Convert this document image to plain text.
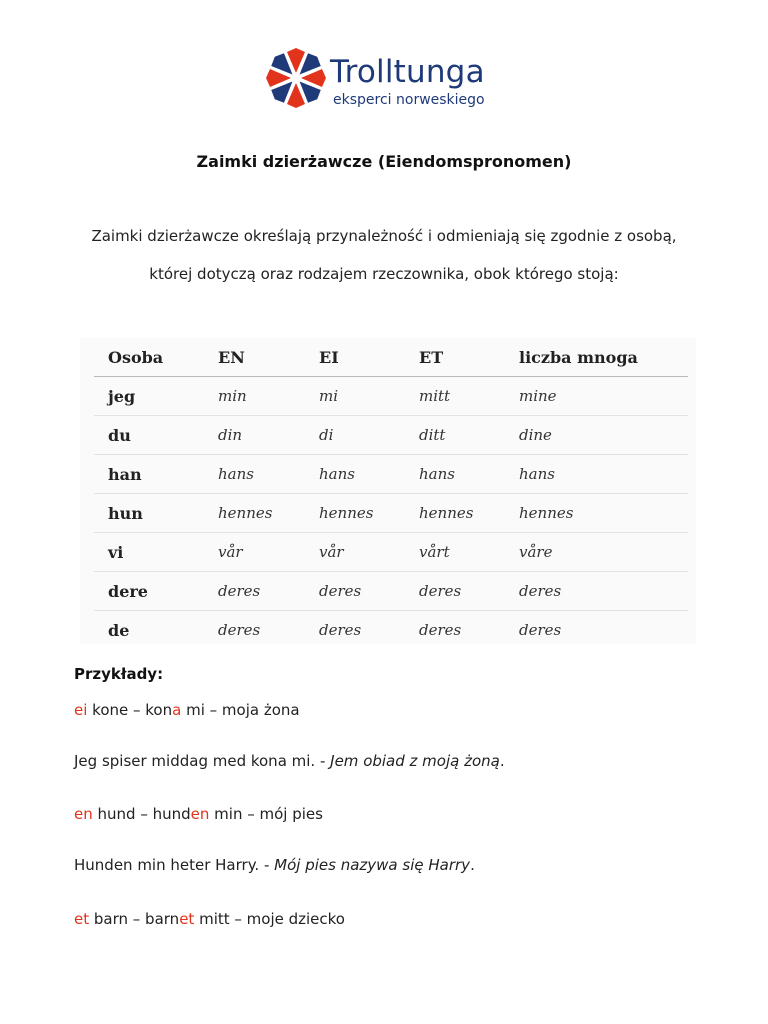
Trolltunga
eksperci norweskiego
Zaimki dzierżawcze (Eiendomspronomen)
Zaimki dzierżawcze określają przynależność i odmieniają się zgodnie z osobą,
której dotyczą oraz rodzajem rzeczownika, obok którego stoją:
Osoba	EN	EI	ET	liczba mnoga
jeg	min	mi	mitt	mine
du	din	di	ditt	dine
han	hans	hans	hans	hans
hun	hennes	hennes	hennes	hennes
vi	vår	vår	vårt	våre
dere	deres	deres	deres	deres
de	deres	deres	deres	deres
Przykłady:
ei kone – kona mi – moja żona
Jeg spiser middag med kona mi. - Jem obiad z moją żoną.
en hund – hunden min – mój pies
Hunden min heter Harry. - Mój pies nazywa się Harry.
et barn – barnet mitt – moje dziecko
